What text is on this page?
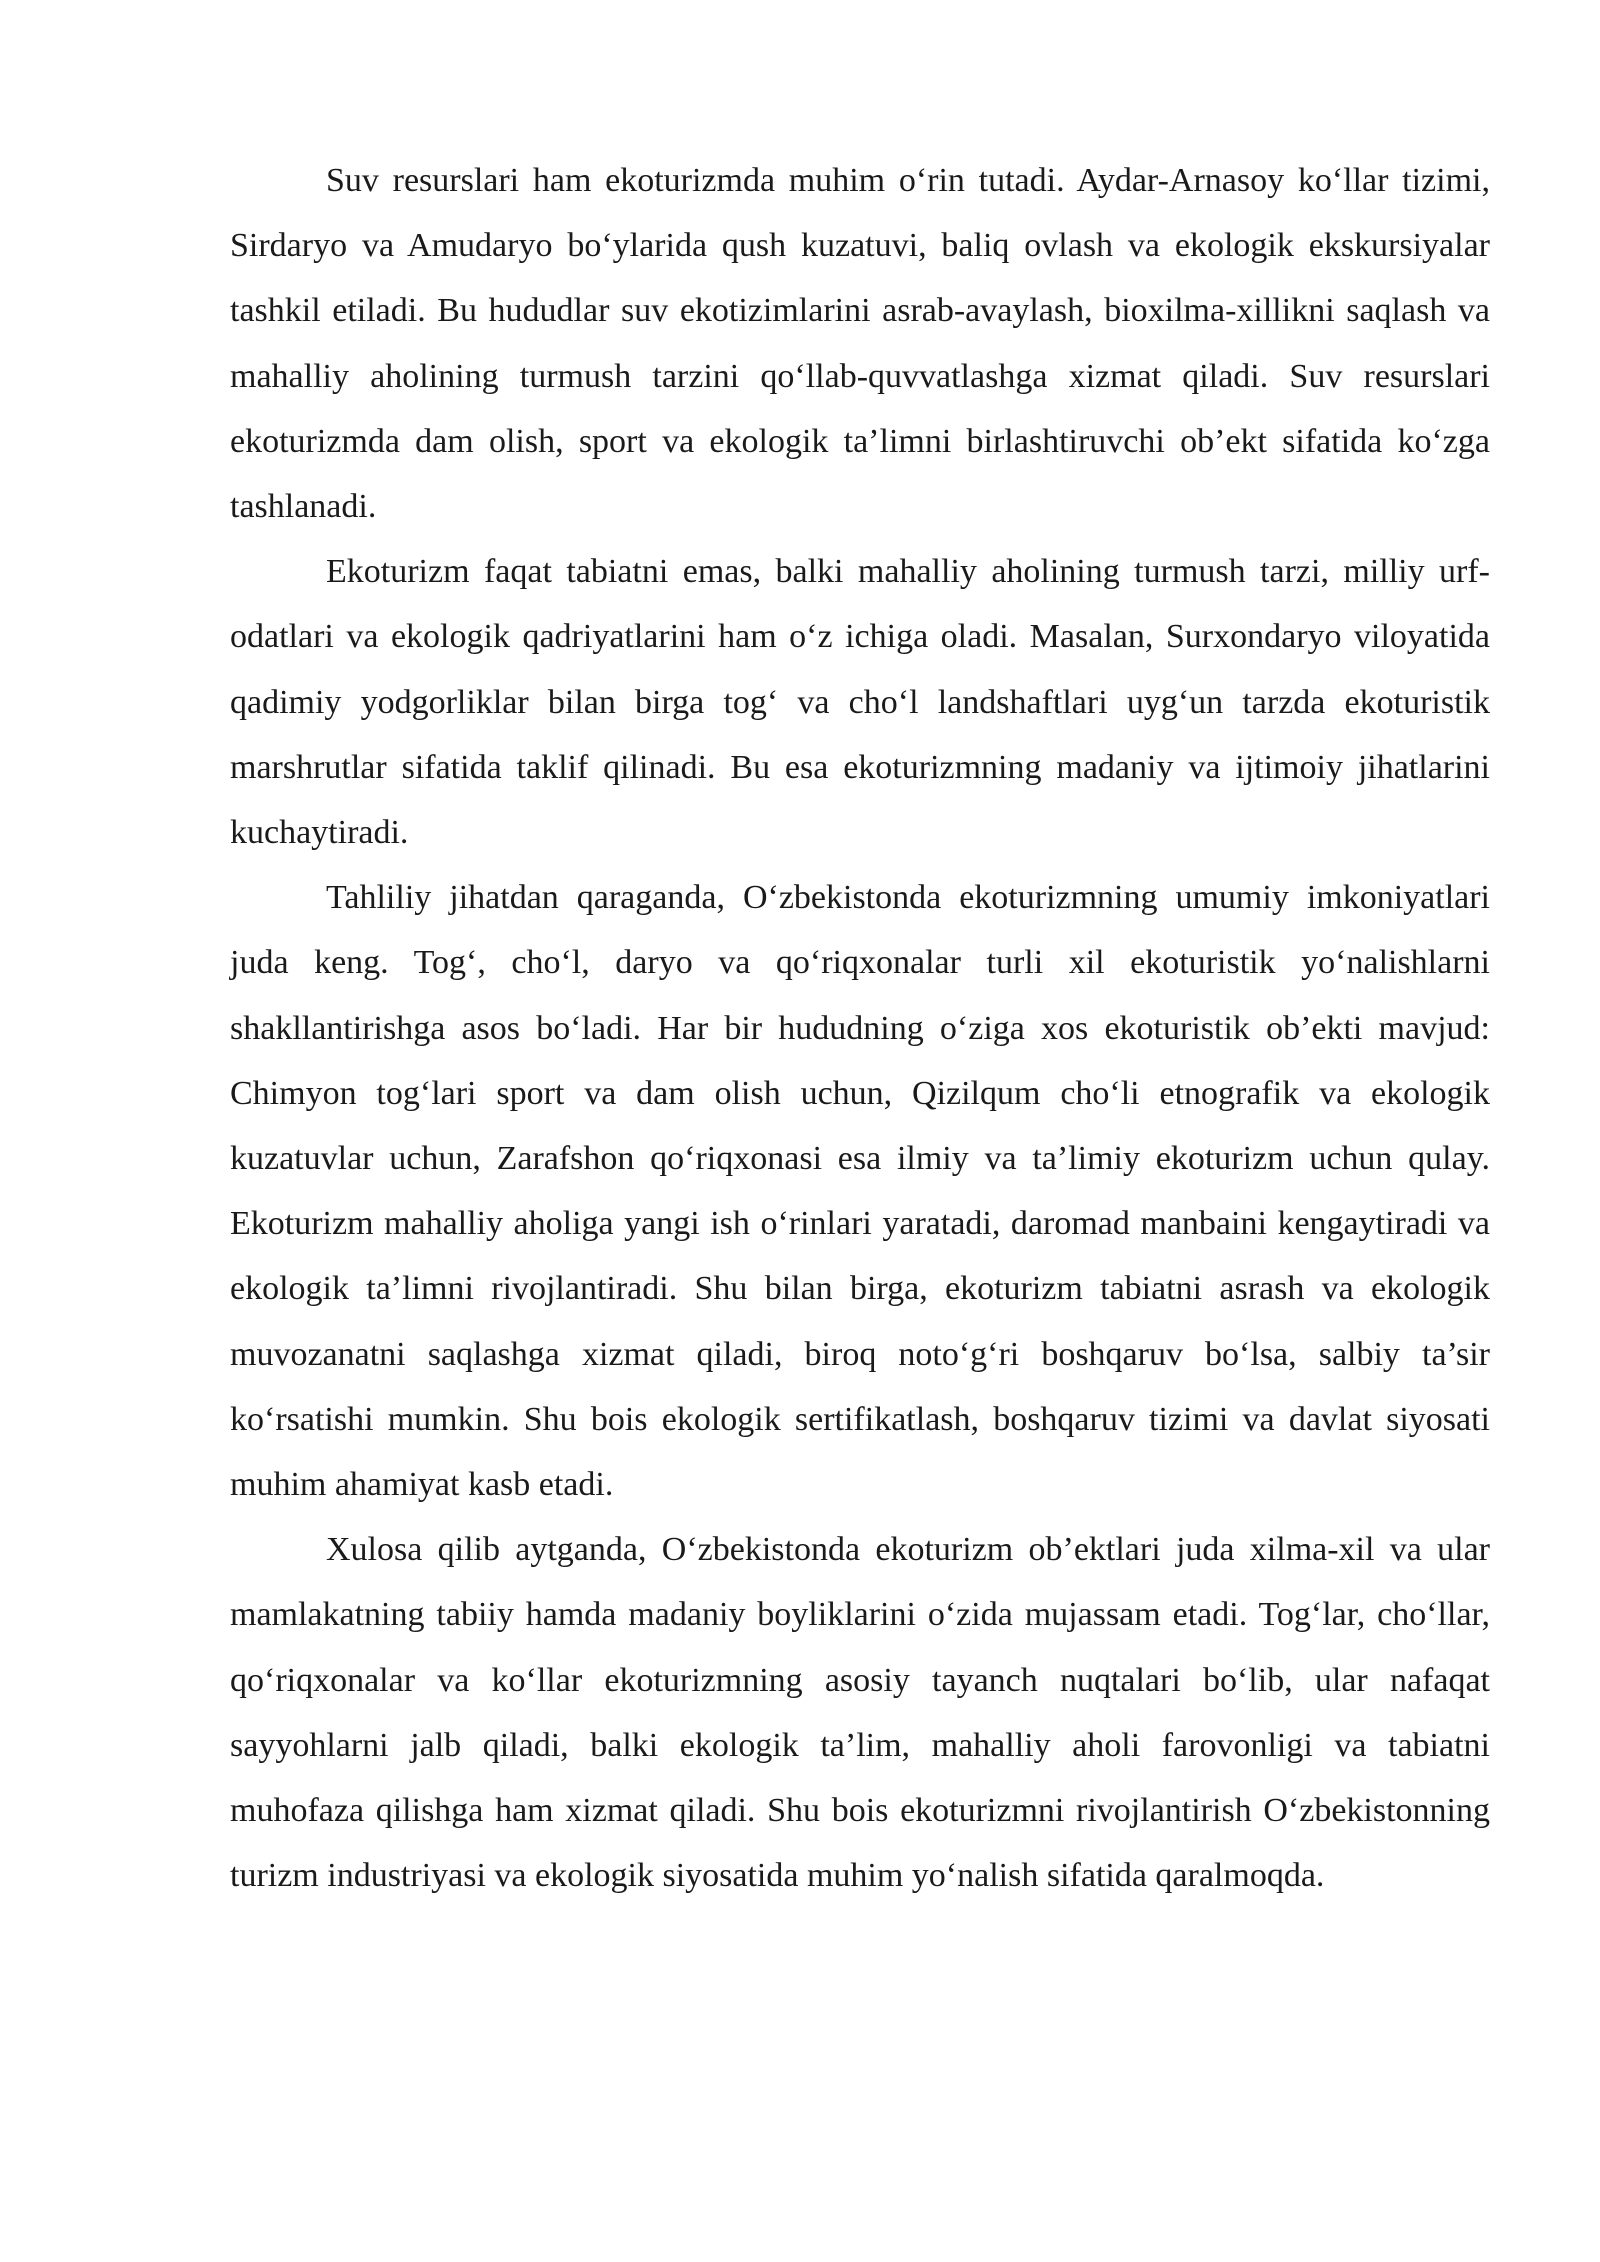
Suv resurslari ham ekoturizmda muhim o‘rin tutadi. Aydar-Arnasoy ko‘llar tizimi, Sirdaryo va Amudaryo bo‘ylarida qush kuzatuvi, baliq ovlash va ekologik ekskursiyalar tashkil etiladi. Bu hududlar suv ekotizimlarini asrab-avaylash, bioxilma-xillikni saqlash va mahalliy aholining turmush tarzini qo‘llab-quvvatlashga xizmat qiladi. Suv resurslari ekoturizmda dam olish, sport va ekologik ta’limni birlashtiruvchi ob’ekt sifatida ko‘zga tashlanadi.

Ekoturizm faqat tabiatni emas, balki mahalliy aholining turmush tarzi, milliy urf-odatlari va ekologik qadriyatlarini ham o‘z ichiga oladi. Masalan, Surxondaryo viloyatida qadimiy yodgorliklar bilan birga tog‘ va cho‘l landshaftlari uyg‘un tarzda ekoturistik marshrutlar sifatida taklif qilinadi. Bu esa ekoturizmning madaniy va ijtimoiy jihatlarini kuchaytiradi.

Tahliliy jihatdan qaraganda, O‘zbekistonda ekoturizmning umumiy imkoniyatlari juda keng. Tog‘, cho‘l, daryo va qo‘riqxonalar turli xil ekoturistik yo‘nalishlarni shakllantirishga asos bo‘ladi. Har bir hududning o‘ziga xos ekoturistik ob’ekti mavjud: Chimyon tog‘lari sport va dam olish uchun, Qizilqum cho‘li etnografik va ekologik kuzatuvlar uchun, Zarafshon qo‘riqxonasi esa ilmiy va ta’limiy ekoturizm uchun qulay. Ekoturizm mahalliy aholiga yangi ish o‘rinlari yaratadi, daromad manbaini kengaytiradi va ekologik ta’limni rivojlantiradi. Shu bilan birga, ekoturizm tabiatni asrash va ekologik muvozanatni saqlashga xizmat qiladi, biroq noto‘g‘ri boshqaruv bo‘lsa, salbiy ta’sir ko‘rsatishi mumkin. Shu bois ekologik sertifikatlash, boshqaruv tizimi va davlat siyosati muhim ahamiyat kasb etadi.

Xulosa qilib aytganda, O‘zbekistonda ekoturizm ob’ektlari juda xilma-xil va ular mamlakatning tabiiy hamda madaniy boyliklarini o‘zida mujassam etadi. Tog‘lar, cho‘llar, qo‘riqxonalar va ko‘llar ekoturizmning asosiy tayanch nuqtalari bo‘lib, ular nafaqat sayyohlarni jalb qiladi, balki ekologik ta’lim, mahalliy aholi farovonligi va tabiatni muhofaza qilishga ham xizmat qiladi. Shu bois ekoturizmni rivojlantirish O‘zbekistonning turizm industriyasi va ekologik siyosatida muhim yo‘nalish sifatida qaralmoqda.
